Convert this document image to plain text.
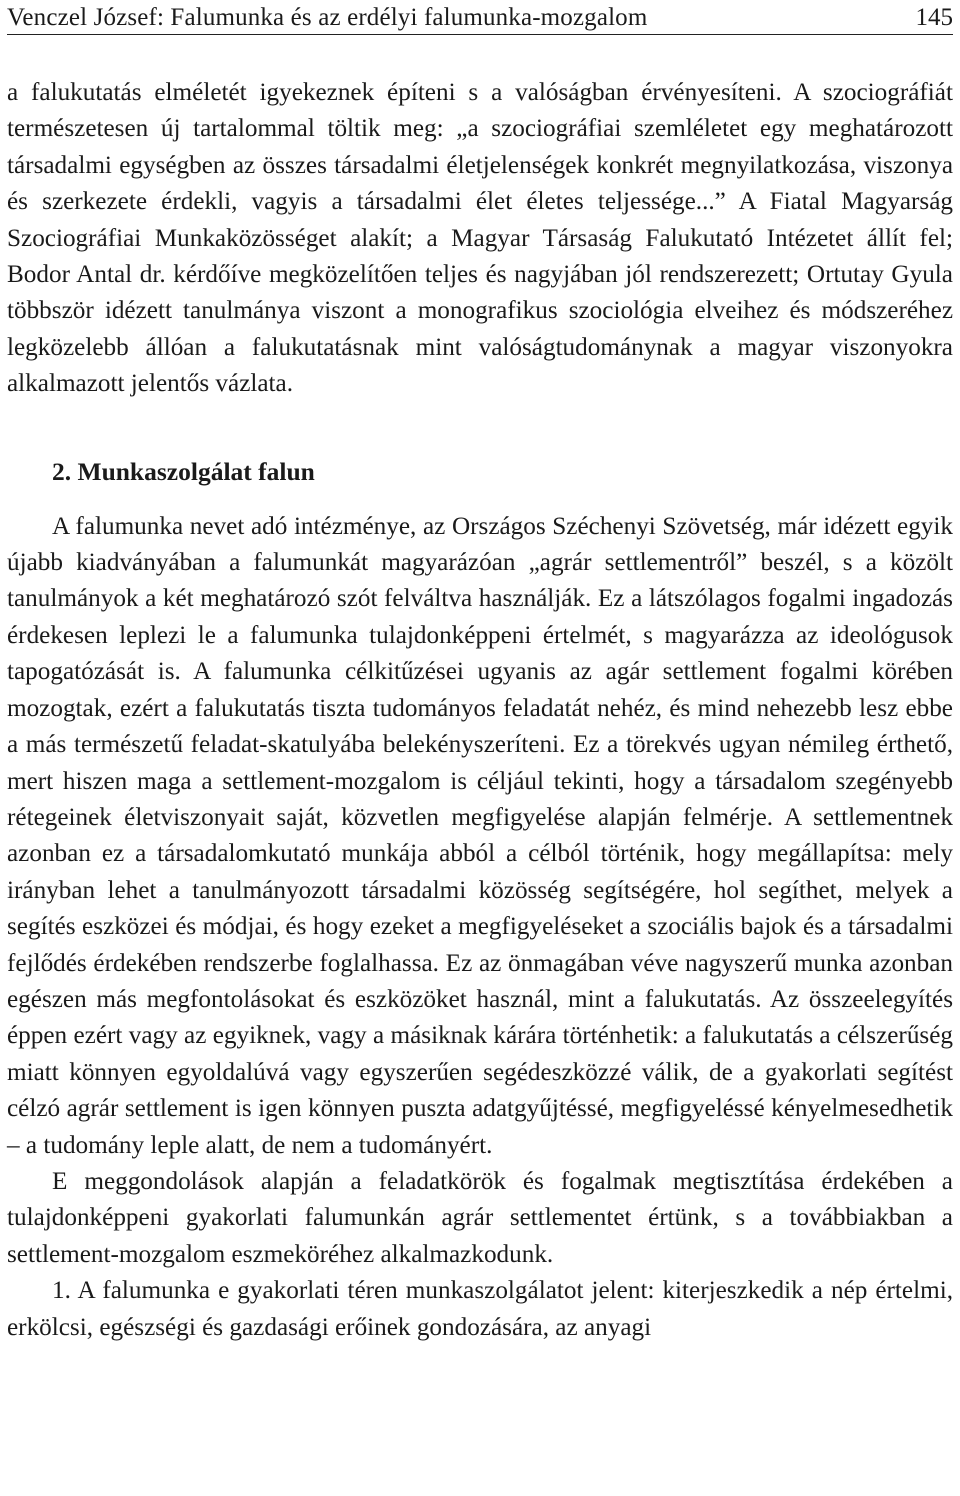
Venczel József: Falumunka és az erdélyi falumunka-mozgalom	145

a falukutatás elméletét igyekeznek építeni s a valóságban érvényesíteni. A szociográfiát természetesen új tartalommal töltik meg: „a szociográfiai szemléletet egy meghatározott társadalmi egységben az összes társadalmi életjelenségek konkrét megnyilatkozása, viszonya és szerkezete érdekli, vagyis a társadalmi élet életes teljessége...” A Fiatal Magyarság Szociográfiai Munkaközösséget alakít; a Magyar Társaság Falukutató Intézetet állít fel; Bodor Antal dr. kérdőíve megközelítően teljes és nagyjában jól rendszerezett; Ortutay Gyula többször idézett tanulmánya viszont a monografikus szociológia elveihez és módszeréhez legközelebb állóan a falukutatásnak mint valóságtudománynak a magyar viszonyokra alkalmazott jelentős vázlata.

2. Munkaszolgálat falun

A falumunka nevet adó intézménye, az Országos Széchenyi Szövetség, már idézett egyik újabb kiadványában a falumunkát magyarázóan „agrár settlementről” beszél, s a közölt tanulmányok a két meghatározó szót felváltva használják. Ez a látszólagos fogalmi ingadozás érdekesen leplezi le a falumunka tulajdonképpeni értelmét, s magyarázza az ideológusok tapogatózását is. A falumunka célkitűzései ugyanis az agár settlement fogalmi körében mozogtak, ezért a falukutatás tiszta tudományos feladatát nehéz, és mind nehezebb lesz ebbe a más természetű feladat-skatulyába belekényszeríteni. Ez a törekvés ugyan némileg érthető, mert hiszen maga a settlement-mozgalom is céljául tekinti, hogy a társadalom szegényebb rétegeinek életviszonyait saját, közvetlen megfigyelése alapján felmérje. A settlementnek azonban ez a társadalomkutató munkája abból a célból történik, hogy megállapítsa: mely irányban lehet a tanulmányozott társadalmi közösség segítségére, hol segíthet, melyek a segítés eszközei és módjai, és hogy ezeket a megfigyeléseket a szociális bajok és a társadalmi fejlődés érdekében rendszerbe foglalhassa. Ez az önmagában véve nagyszerű munka azonban egészen más megfontolásokat és eszközöket használ, mint a falukutatás. Az összeelegyítés éppen ezért vagy az egyiknek, vagy a másiknak kárára történhetik: a falukutatás a célszerűség miatt könnyen egyoldalúvá vagy egyszerűen segédeszközzé válik, de a gyakorlati segítést célzó agrár settlement is igen könnyen puszta adatgyűjtéssé, megfigyeléssé kényelmesedhetik – a tudomány leple alatt, de nem a tudományért.

E meggondolások alapján a feladatkörök és fogalmak megtisztítása érdekében a tulajdonképpeni gyakorlati falumunkán agrár settlementet értünk, s a továbbiakban a settlement-mozgalom eszmeköréhez alkalmazkodunk.

1. A falumunka e gyakorlati téren munkaszolgálatot jelent: kiterjeszkedik a nép értelmi, erkölcsi, egészségi és gazdasági erőinek gondozására, az anyagi
